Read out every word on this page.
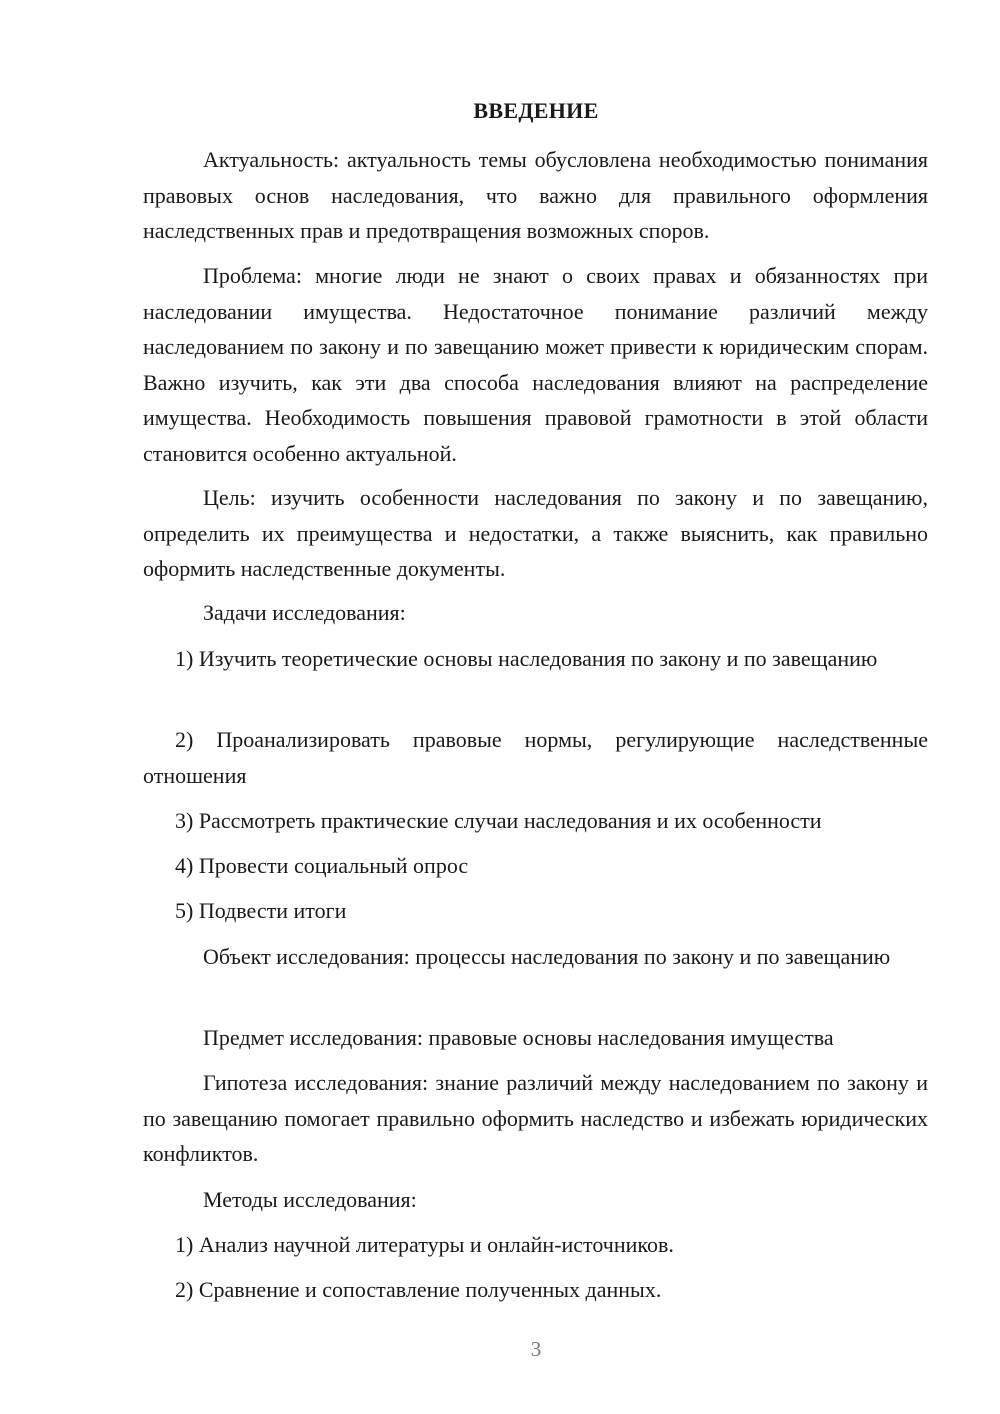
ВВЕДЕНИЕ

Актуальность: актуальность темы обусловлена необходимостью понимания правовых основ наследования, что важно для правильного оформления наследственных прав и предотвращения возможных споров.

Проблема: многие люди не знают о своих правах и обязанностях при наследовании имущества. Недостаточное понимание различий между наследованием по закону и по завещанию может привести к юридическим спорам. Важно изучить, как эти два способа наследования влияют на распределение имущества. Необходимость повышения правовой грамотности в этой области становится особенно актуальной.

Цель: изучить особенности наследования по закону и по завещанию, определить их преимущества и недостатки, а также выяснить, как правильно оформить наследственные документы.

Задачи исследования:

1) Изучить теоретические основы наследования по закону и по завещанию

2) Проанализировать правовые нормы, регулирующие наследственные отношения

3) Рассмотреть практические случаи наследования и их особенности

4) Провести социальный опрос

5) Подвести итоги

Объект исследования: процессы наследования по закону и по завещанию

Предмет исследования: правовые основы наследования имущества

Гипотеза исследования: знание различий между наследованием по закону и по завещанию помогает правильно оформить наследство и избежать юридических конфликтов.

Методы исследования:

1) Анализ научной литературы и онлайн-источников.

2) Сравнение и сопоставление полученных данных.

3
